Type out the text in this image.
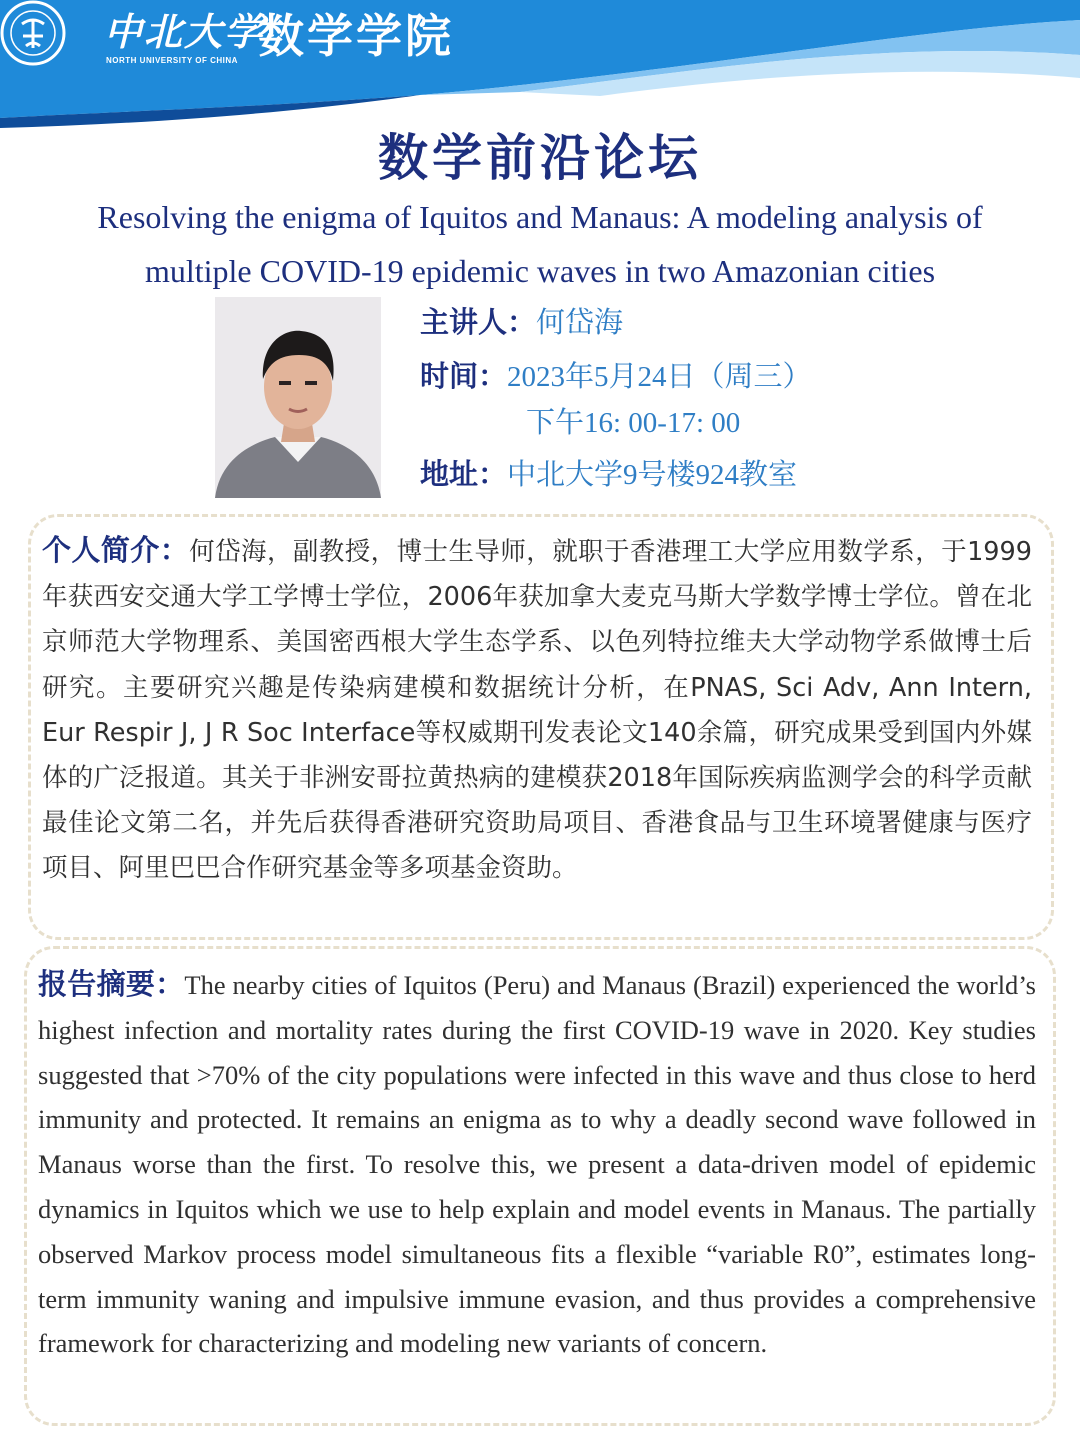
中北大学
NORTH UNIVERSITY OF CHINA 数学学院
数学前沿论坛
Resolving the enigma of Iquitos and Manaus: A modeling analysis of
multiple COVID-19 epidemic waves in two Amazonian cities
主讲人：何岱海
时间：2023年5月24日（周三）
下午16: 00-17: 00
地址：中北大学9号楼924教室
个人简介：何岱海，副教授，博士生导师，就职于香港理工大学应用数学系，于1999年获西安交通大学工学博士学位，2006年获加拿大麦克马斯大学数学博士学位。曾在北京师范大学物理系、美国密西根大学生态学系、以色列特拉维夫大学动物学系做博士后研究。主要研究兴趣是传染病建模和数据统计分析，在PNAS, Sci Adv, Ann Intern, Eur Respir J, J R Soc Interface等权威期刊发表论文140余篇，研究成果受到国内外媒体的广泛报道。其关于非洲安哥拉黄热病的建模获2018年国际疾病监测学会的科学贡献最佳论文第二名，并先后获得香港研究资助局项目、香港食品与卫生环境署健康与医疗项目、阿里巴巴合作研究基金等多项基金资助。
报告摘要：The nearby cities of Iquitos (Peru) and Manaus (Brazil) experienced the world’s highest infection and mortality rates during the first COVID-19 wave in 2020. Key studies suggested that >70% of the city populations were infected in this wave and thus close to herd immunity and protected. It remains an enigma as to why a deadly second wave followed in Manaus worse than the first. To resolve this, we present a data-driven model of epidemic dynamics in Iquitos which we use to help explain and model events in Manaus. The partially observed Markov process model simultaneous fits a flexible “variable R0”, estimates long-term immunity waning and impulsive immune evasion, and thus provides a comprehensive framework for characterizing and modeling new variants of concern.
